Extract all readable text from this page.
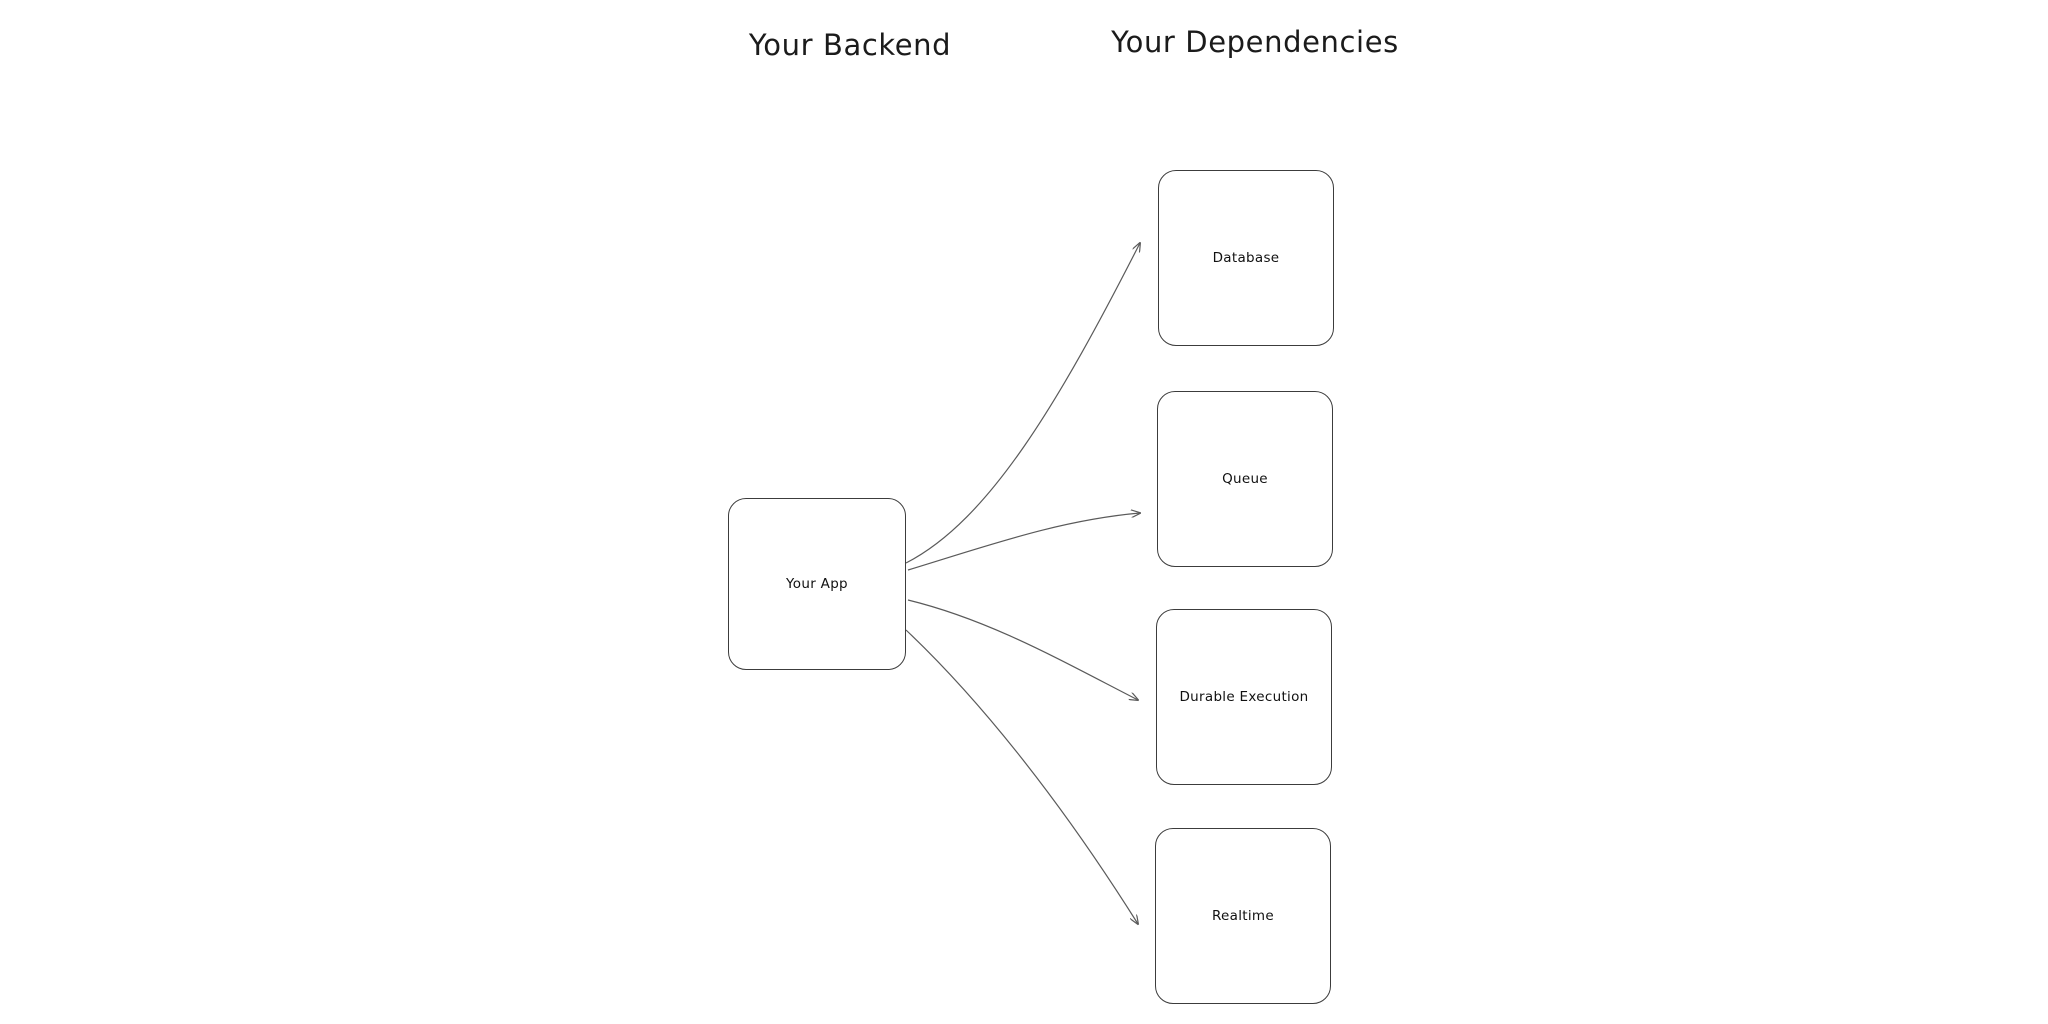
Your Backend	Your Dependencies
Your App
Database
Queue
Durable Execution
Realtime
